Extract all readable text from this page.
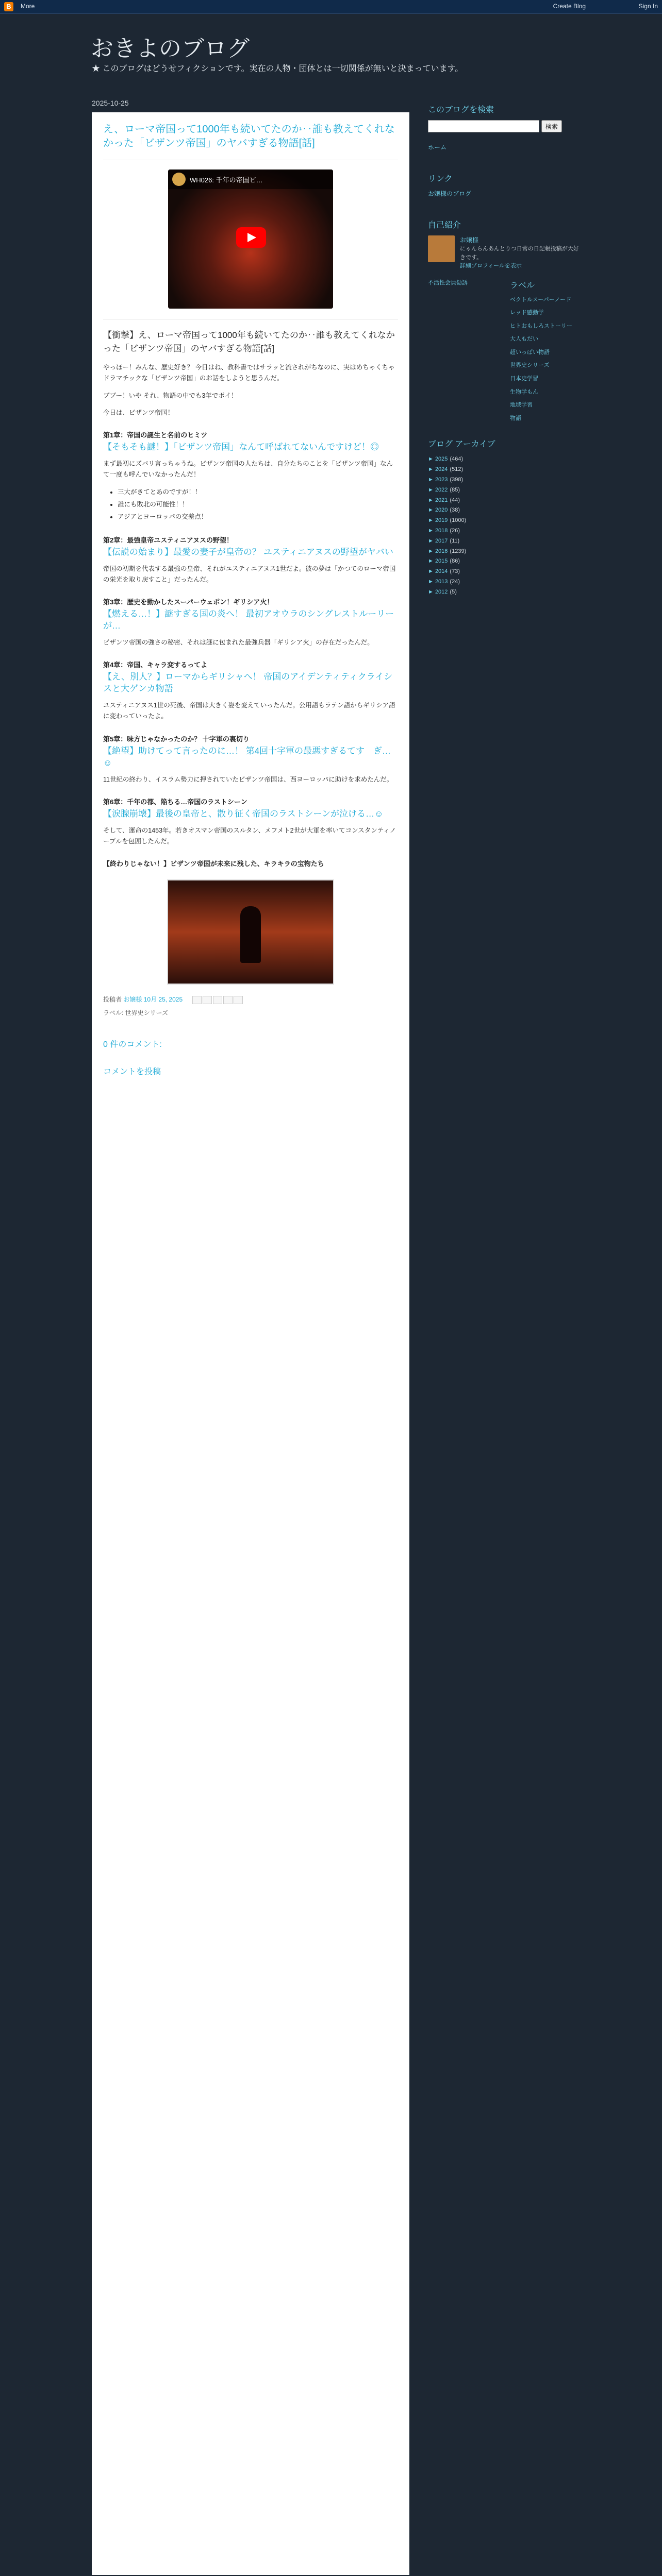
B	More	Create Blog	Sign In
おきよのブログ
★ このブログはどうせフィクションです。実在の人物・団体とは一切関係が無いと決まっています。
2025-10-25
え、ローマ帝国って1000年も続いてたのか‥誰も教えてくれなかった「ビザンツ帝国」のヤバすぎる物語[話]
WH026: 千年の帝国ビ…
【衝撃】え、ローマ帝国って1000年も続いてたのか‥誰も教えてくれなかった「ビザンツ帝国」のヤバすぎる物語[話]

やっほー！みんな、歴史好き？ 今日はね、教科書ではサラッと流されがちなのに、実はめちゃくちゃドラマチックな「ビザンツ帝国」のお話をしようと思うんだ。

ブブー！いや それ、物語の中でも3年でポイ！

今日は、ビザンツ帝国！

第1章：帝国の誕生と名前のヒミツ
【そもそも謎！】「ビザンツ帝国」なんて呼ばれてないんですけど！◎

まず最初にズバリ言っちゃうね。ビザンツ帝国の人たちは、自分たちのことを「ビザンツ帝国」なんて一度も呼んでいなかったんだ！

• 三大がきてとあのですが！！
• 誰にも敗北の可能性！！
• アジアとヨーロッパの交差点！
第2章：最強皇帝ユスティニアヌスの野望！
【伝説の始まり】最愛の妻子が皇帝の？ ユスティニアヌスの野望がヤバい

帝国の初期を代表する最強の皇帝、それがユスティニアヌス1世だよ。彼の夢は「かつてのローマ帝国の栄光を取り戻すこと」だったんだ。

第3章：歴史を動かしたスーパーウェポン！ギリシア火！
【燃える…！】謎すぎる国の炎へ！ 最初アオウラのシングレストルーリーが…

ビザンツ帝国の強さの秘密、それは謎に包まれた最強兵器「ギリシア火」の存在だったんだ。

第4章：帝国、キャラ変するってよ
【え、別人？】ローマからギリシャへ！ 帝国のアイデンティティクライシスと大ゲンカ物語

ユスティニアヌス1世の死後、帝国は大きく姿を変えていったんだ。公用語もラテン語からギリシア語に変わっていったよ。

第5章：味方じゃなかったのか？ 十字軍の裏切り
【絶望】助けてって言ったのに…！ 第4回十字軍の最悪すぎるてす　ぎ…☺

11世紀の終わり、イスラム勢力に押されていたビザンツ帝国は、西ヨーロッパに助けを求めたんだ。

第6章：千年の都、陥ちる…帝国のラストシーン
【涙腺崩壊】最後の皇帝と、散り征く帝国のラストシーンが泣ける…☺

そして、運命の1453年。若きオスマン帝国のスルタン、メフメト2世が大軍を率いてコンスタンティノープルを包囲したんだ。

【終わりじゃない！】ビザンツ帝国が未来に残した、キラキラの宝物たち
投稿者 お嬢様 10月 25, 2025
ラベル: 世界史シリーズ
0 件のコメント:
コメントを投稿
このブログを検索
検索
ホーム
リンク
お嬢様のブログ
自己紹介
お嬢様
にゃんらんあんとりつ日常の日記帳投稿が大好きです。
詳細プロフィールを表示
不活性会員勧誘	ラベル
ベクトルスーパーノード
レッド感動学
ヒトおもしろストーリー
大人もだい
超いっぱい物語
世界史シリーズ
日本史学習
生物学もん
地域学習
物語
ブログ アーカイブ
► 2025 (464)
► 2024 (512)
► 2023 (398)
► 2022 (85)
► 2021 (44)
► 2020 (38)
► 2019 (1000)
► 2018 (26)
► 2017 (11)
► 2016 (1239)
► 2015 (86)
► 2014 (73)
► 2013 (24)
► 2012 (5)
